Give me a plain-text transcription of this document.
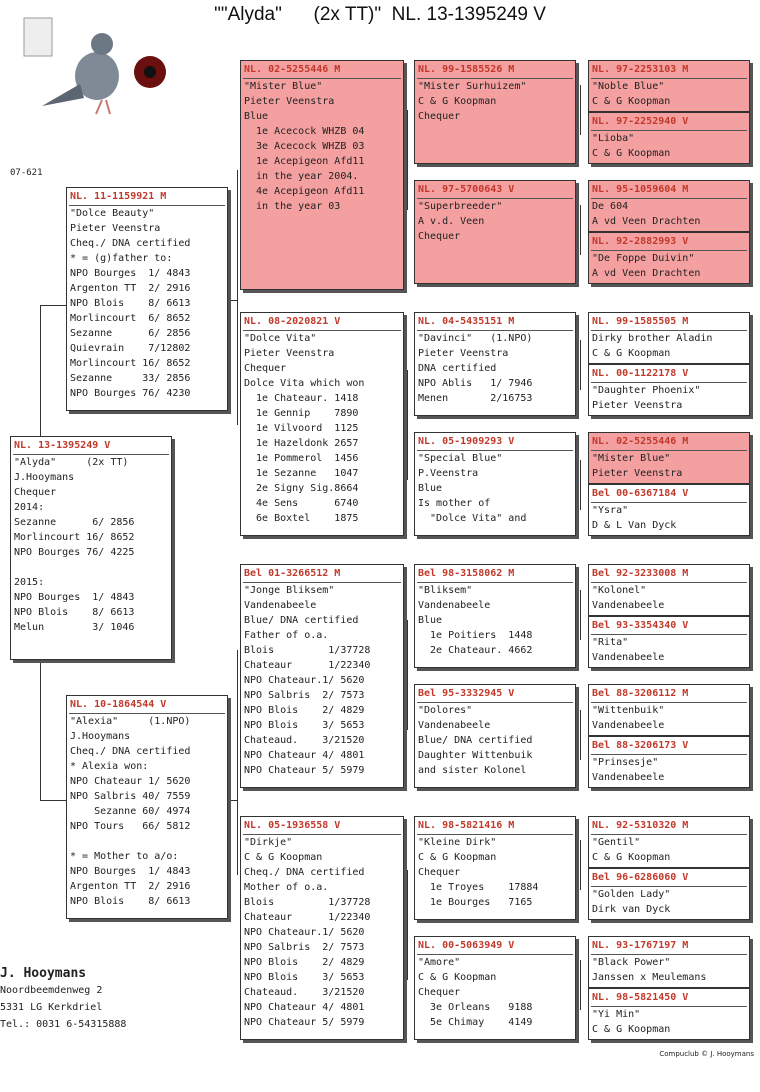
""Alyda"      (2x TT)"  NL. 13-1395249 V
07-621
NL. 13-1395249 V
"Alyda"     (2x TT)
J.Hooymans
Chequer
2014:
Sezanne      6/ 2856
Morlincourt 16/ 8652
NPO Bourges 76/ 4225

2015:
NPO Bourges  1/ 4843
NPO Blois    8/ 6613
Melun        3/ 1046
NL. 11-1159921 M
"Dolce Beauty"
Pieter Veenstra
Cheq./ DNA certified
* = (g)father to:
NPO Bourges  1/ 4843
Argenton TT  2/ 2916
NPO Blois    8/ 6613
Morlincourt  6/ 8652
Sezanne      6/ 2856
Quievrain    7/12802
Morlincourt 16/ 8652
Sezanne     33/ 2856
NPO Bourges 76/ 4230
NL. 10-1864544 V
"Alexia"     (1.NPO)
J.Hooymans
Cheq./ DNA certified
* Alexia won:
NPO Chateaur 1/ 5620
NPO Salbris 40/ 7559
Sezanne 60/ 4974
NPO Tours   66/ 5812

* = Mother to a/o:
NPO Bourges  1/ 4843
Argenton TT  2/ 2916
NPO Blois    8/ 6613
NL. 02-5255446 M
"Mister Blue"
Pieter Veenstra
Blue
1e Acecock WHZB 04
3e Acecock WHZB 03
1e Acepigeon Afd11
in the year 2004.
4e Acepigeon Afd11
in the year 03
NL. 08-2020821 V
"Dolce Vita"
Pieter Veenstra
Chequer
Dolce Vita which won
1e Chateaur. 1418
1e Gennip    7890
1e Vilvoord  1125
1e Hazeldonk 2657
1e Pommerol  1456
1e Sezanne   1047
2e Signy Sig.8664
4e Sens      6740
6e Boxtel    1875
Bel 01-3266512 M
"Jonge Bliksem"
Vandenabeele
Blue/ DNA certified
Father of o.a.
Blois         1/37728
Chateaur      1/22340
NPO Chateaur.1/ 5620
NPO Salbris  2/ 7573
NPO Blois    2/ 4829
NPO Blois    3/ 5653
Chateaud.    3/21520
NPO Chateaur 4/ 4801
NPO Chateaur 5/ 5979
NL. 05-1936558 V
"Dirkje"
C & G Koopman
Cheq./ DNA certified
Mother of o.a.
Blois         1/37728
Chateaur      1/22340
NPO Chateaur.1/ 5620
NPO Salbris  2/ 7573
NPO Blois    2/ 4829
NPO Blois    3/ 5653
Chateaud.    3/21520
NPO Chateaur 4/ 4801
NPO Chateaur 5/ 5979
NL. 99-1585526 M
"Mister Surhuizem"
C & G Koopman
Chequer
NL. 97-5700643 V
"Superbreeder"
A v.d. Veen
Chequer
NL. 04-5435151 M
"Davinci"   (1.NPO)
Pieter Veenstra
DNA certified
NPO Ablis   1/ 7946
Menen       2/16753
NL. 05-1909293 V
"Special Blue"
P.Veenstra
Blue
Is mother of
"Dolce Vita" and
Bel 98-3158062 M
"Bliksem"
Vandenabeele
Blue
1e Poitiers  1448
2e Chateaur. 4662
Bel 95-3332945 V
"Dolores"
Vandenabeele
Blue/ DNA certified
Daughter Wittenbuik
and sister Kolonel
NL. 98-5821416 M
"Kleine Dirk"
C & G Koopman
Chequer
1e Troyes    17884
1e Bourges   7165
NL. 00-5063949 V
"Amore"
C & G Koopman
Chequer
3e Orleans   9188
5e Chimay    4149
NL. 97-2253103 M
"Noble Blue"
C & G Koopman
NL. 97-2252940 V
"Lioba"
C & G Koopman
NL. 95-1059604 M
De 604
A vd Veen Drachten
NL. 92-2882993 V
"De Foppe Duivin"
A vd Veen Drachten
NL. 99-1585505 M
Dirky brother Aladin
C & G Koopman
NL. 00-1122178 V
"Daughter Phoenix"
Pieter Veenstra
NL. 02-5255446 M
"Mister Blue"
Pieter Veenstra
Bel 00-6367184 V
"Ysra"
D & L Van Dyck
Bel 92-3233008 M
"Kolonel"
Vandenabeele
Bel 93-3354340 V
"Rita"
Vandenabeele
Bel 88-3206112 M
"Wittenbuik"
Vandenabeele
Bel 88-3206173 V
"Prinsesje"
Vandenabeele
NL. 92-5310320 M
"Gentil"
C & G Koopman
Bel 96-6286060 V
"Golden Lady"
Dirk van Dyck
NL. 93-1767197 M
"Black Power"
Janssen x Meulemans
NL. 98-5821450 V
"Yi Min"
C & G Koopman
J. Hooymans
Noordbeemdenweg 2
5331 LG Kerkdriel
Tel.: 0031 6-54315888
Compuclub © J. Hooymans
